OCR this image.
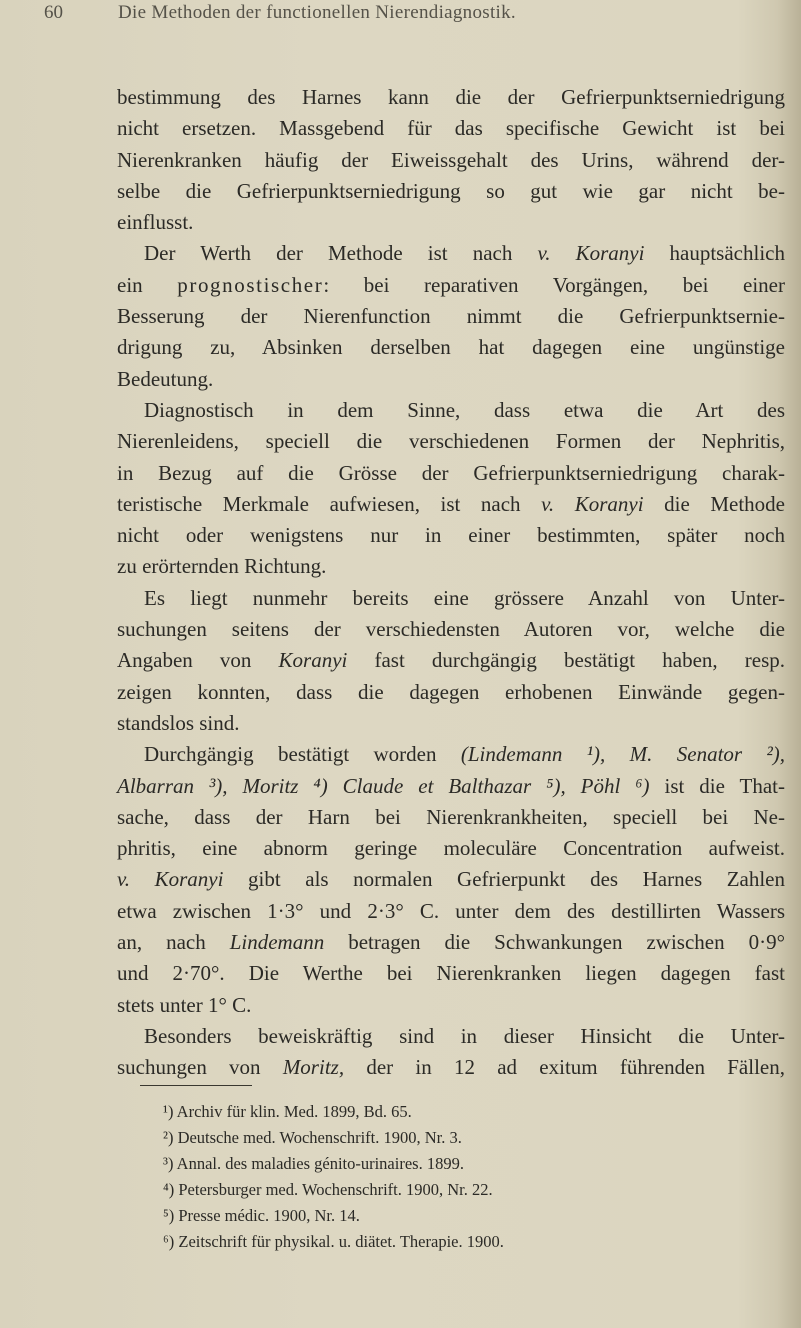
60	Die Methoden der functionellen Nierendiagnostik.
bestimmung des Harnes kann die der Gefrierpunktserniedrigung
nicht ersetzen. Massgebend für das specifische Gewicht ist bei
Nierenkranken häufig der Eiweissgehalt des Urins, während der-
selbe die Gefrierpunktserniedrigung so gut wie gar nicht be-
einflusst.
Der Werth der Methode ist nach v. Koranyi hauptsächlich
ein prognostischer: bei reparativen Vorgängen, bei einer
Besserung der Nierenfunction nimmt die Gefrierpunktsernie-
drigung zu, Absinken derselben hat dagegen eine ungünstige
Bedeutung.
Diagnostisch in dem Sinne, dass etwa die Art des
Nierenleidens, speciell die verschiedenen Formen der Nephritis,
in Bezug auf die Grösse der Gefrierpunktserniedrigung charak-
teristische Merkmale aufwiesen, ist nach v. Koranyi die Methode
nicht oder wenigstens nur in einer bestimmten, später noch
zu erörternden Richtung.
Es liegt nunmehr bereits eine grössere Anzahl von Unter-
suchungen seitens der verschiedensten Autoren vor, welche die
Angaben von Koranyi fast durchgängig bestätigt haben, resp.
zeigen konnten, dass die dagegen erhobenen Einwände gegen-
standslos sind.
Durchgängig bestätigt worden (Lindemann ¹), M. Senator ²),
Albarran ³), Moritz ⁴) Claude et Balthazar ⁵), Pöhl ⁶) ist die That-
sache, dass der Harn bei Nierenkrankheiten, speciell bei Ne-
phritis, eine abnorm geringe moleculäre Concentration aufweist.
v. Koranyi gibt als normalen Gefrierpunkt des Harnes Zahlen
etwa zwischen 1·3° und 2·3° C. unter dem des destillirten Wassers
an, nach Lindemann betragen die Schwankungen zwischen 0·9°
und 2·70°. Die Werthe bei Nierenkranken liegen dagegen fast
stets unter 1° C.
Besonders beweiskräftig sind in dieser Hinsicht die Unter-
suchungen von Moritz, der in 12 ad exitum führenden Fällen,
¹) Archiv für klin. Med. 1899, Bd. 65.
²) Deutsche med. Wochenschrift. 1900, Nr. 3.
³) Annal. des maladies génito-urinaires. 1899.
⁴) Petersburger med. Wochenschrift. 1900, Nr. 22.
⁵) Presse médic. 1900, Nr. 14.
⁶) Zeitschrift für physikal. u. diätet. Therapie. 1900.
